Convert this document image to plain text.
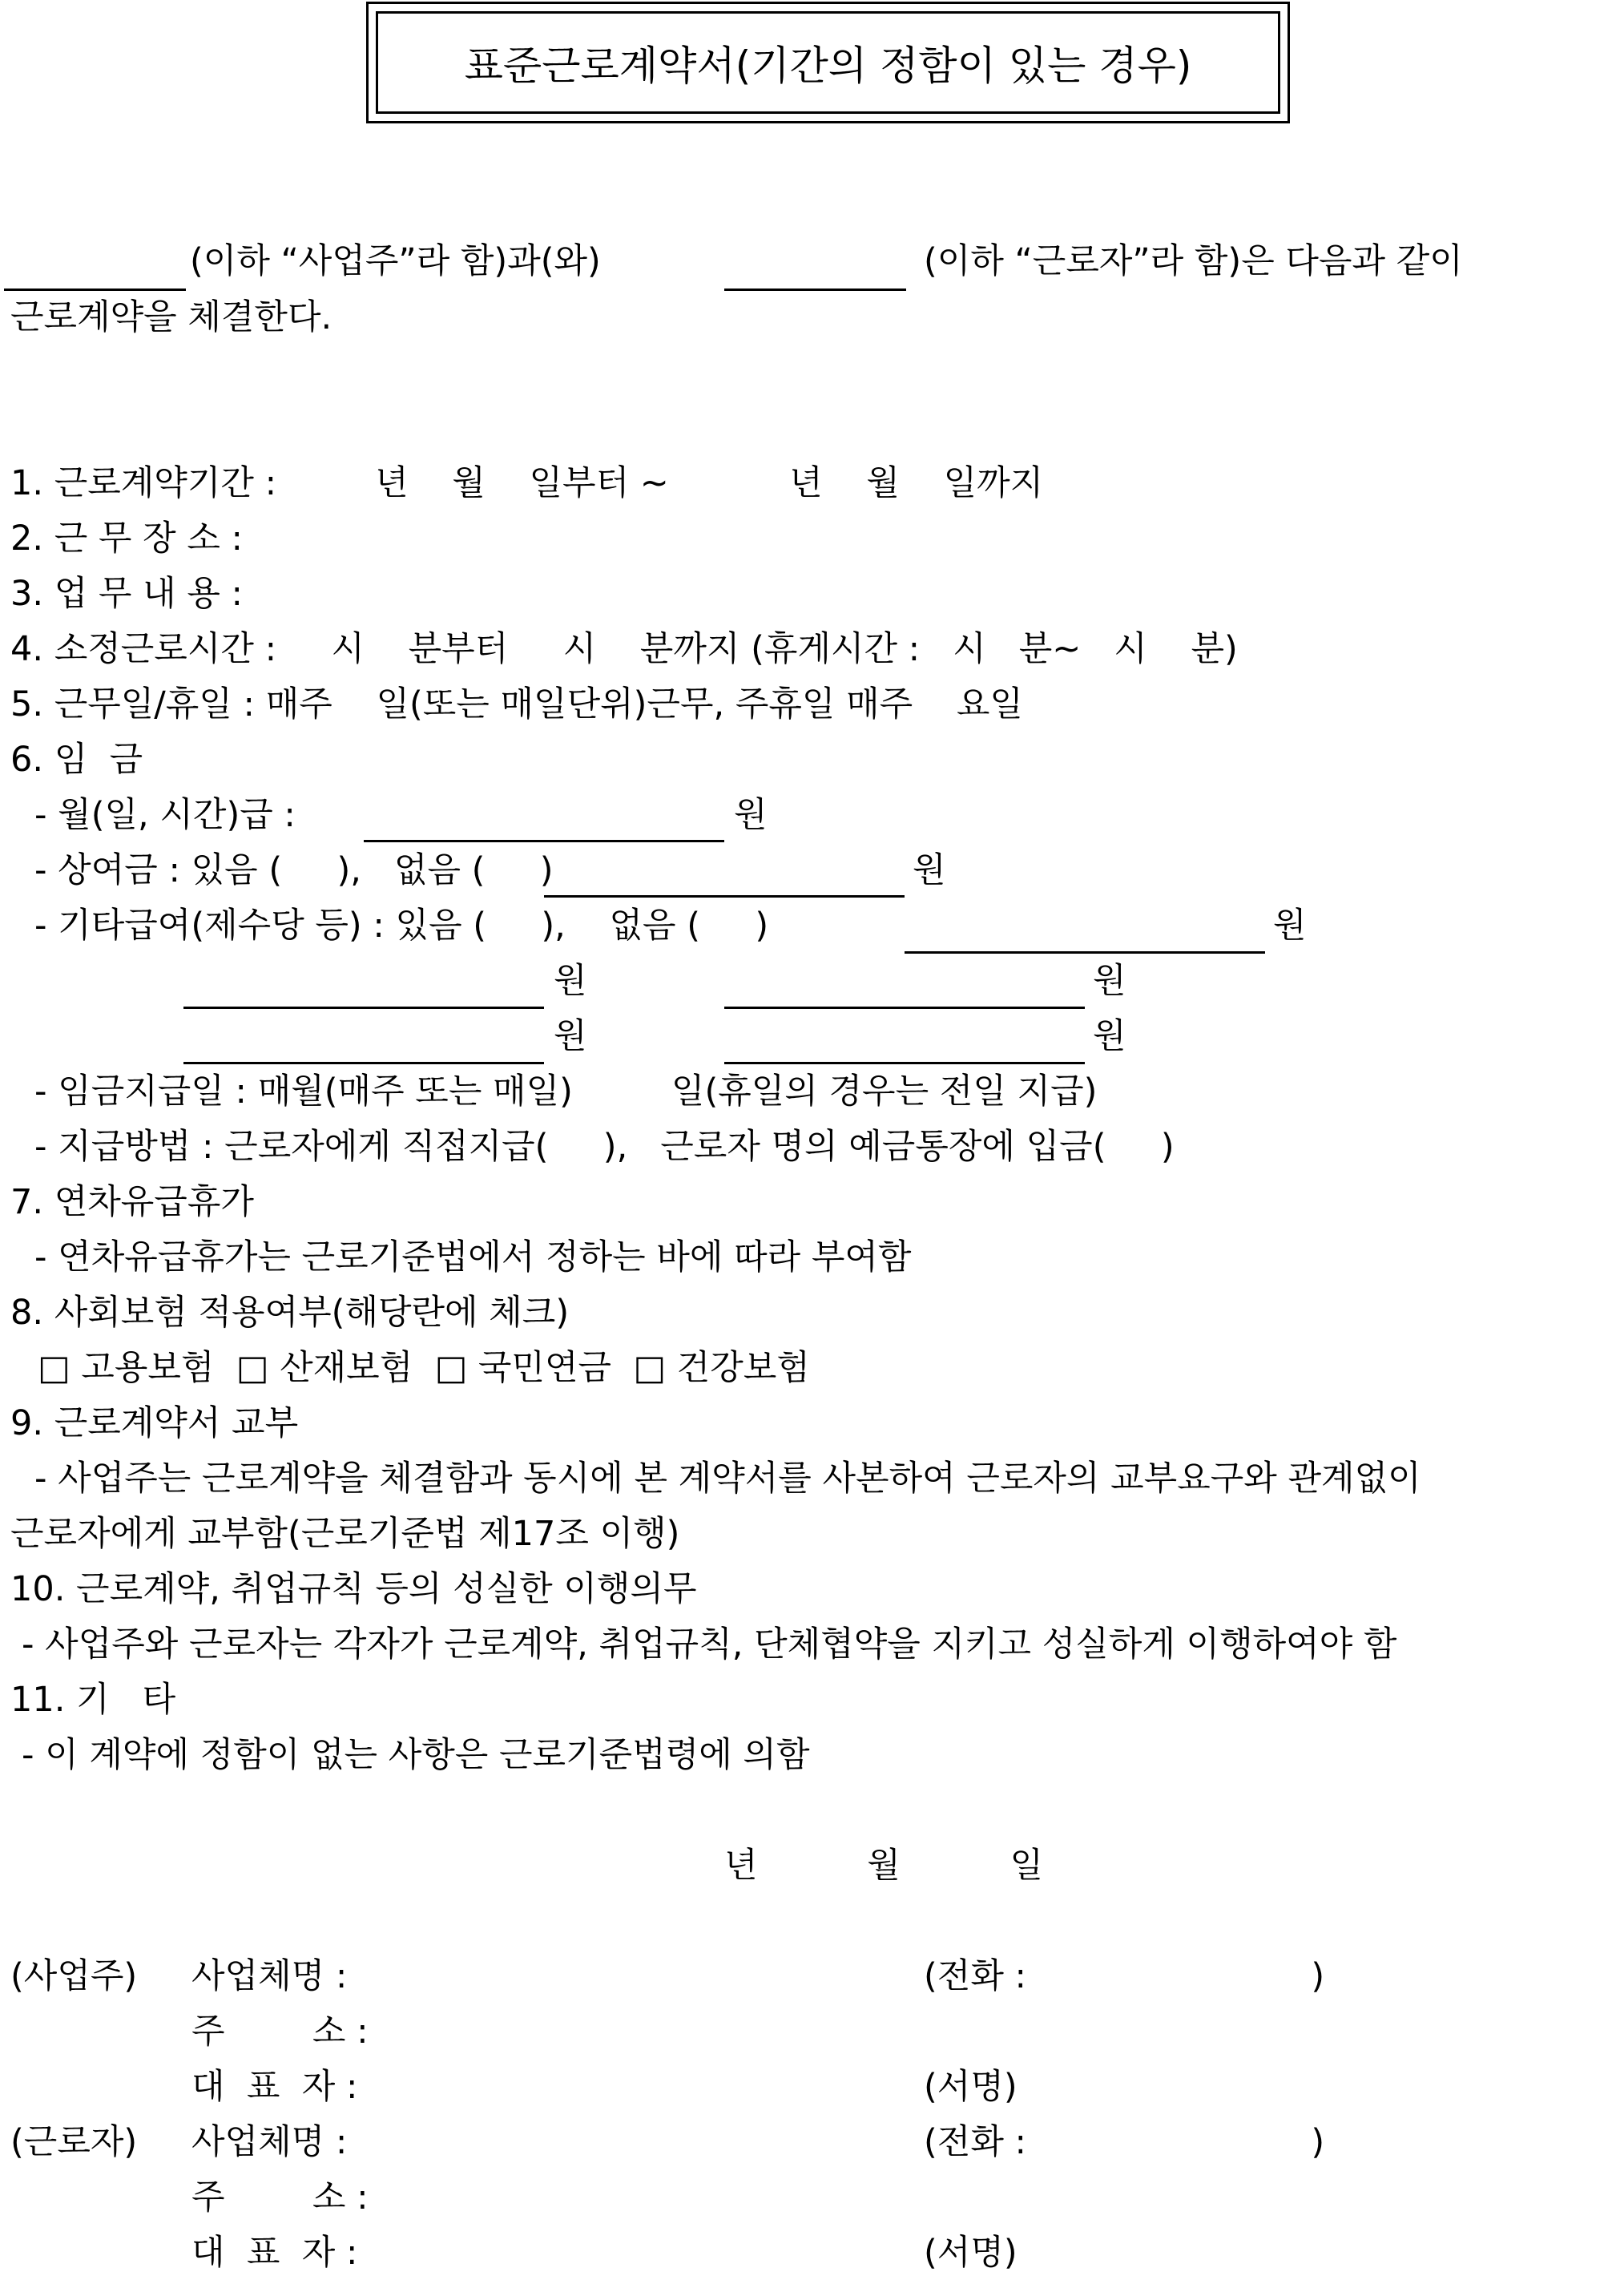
표준근로계약서(기간의 정함이 있는 경우)
(이하 “사업주”라 함)과(와)	(이하 “근로자”라 함)은 다음과 같이
근로계약을 체결한다.
1. 근로계약기간 :         년    월    일부터 ~           년    월    일까지
2. 근 무 장 소 :
3. 업 무 내 용 :
4. 소정근로시간 :     시    분부터     시    분까지 (휴게시간 :   시   분~   시    분)
5. 근무일/휴일 : 매주    일(또는 매일단위)근무, 주휴일 매주    요일
6. 임  금
- 월(일, 시간)급 :	원
- 상여금 : 있음 (     ),   없음 (     )	원
- 기타급여(제수당 등) : 있음 (     ),    없음 (     )	원
원	원
원	원
- 임금지급일 : 매월(매주 또는 매일)         일(휴일의 경우는 전일 지급)
- 지급방법 : 근로자에게 직접지급(     ),   근로자 명의 예금통장에 입금(     )
7. 연차유급휴가
- 연차유급휴가는 근로기준법에서 정하는 바에 따라 부여함
8. 사회보험 적용여부(해당란에 체크)
□ 고용보험  □ 산재보험  □ 국민연금  □ 건강보험
9. 근로계약서 교부
- 사업주는 근로계약을 체결함과 동시에 본 계약서를 사본하여 근로자의 교부요구와 관계없이
근로자에게 교부함(근로기준법 제17조 이행)
10. 근로계약, 취업규칙 등의 성실한 이행의무
- 사업주와 근로자는 각자가 근로계약, 취업규칙, 단체협약을 지키고 성실하게 이행하여야 함
11. 기   타
- 이 계약에 정함이 없는 사항은 근로기준법령에 의함
년          월          일
(사업주) 사업체명 :	(전화 :                          )
주        소 :
대  표  자 :	(서명)
(근로자) 사업체명 :	(전화 :                          )
주        소 :
대  표  자 :	(서명)
